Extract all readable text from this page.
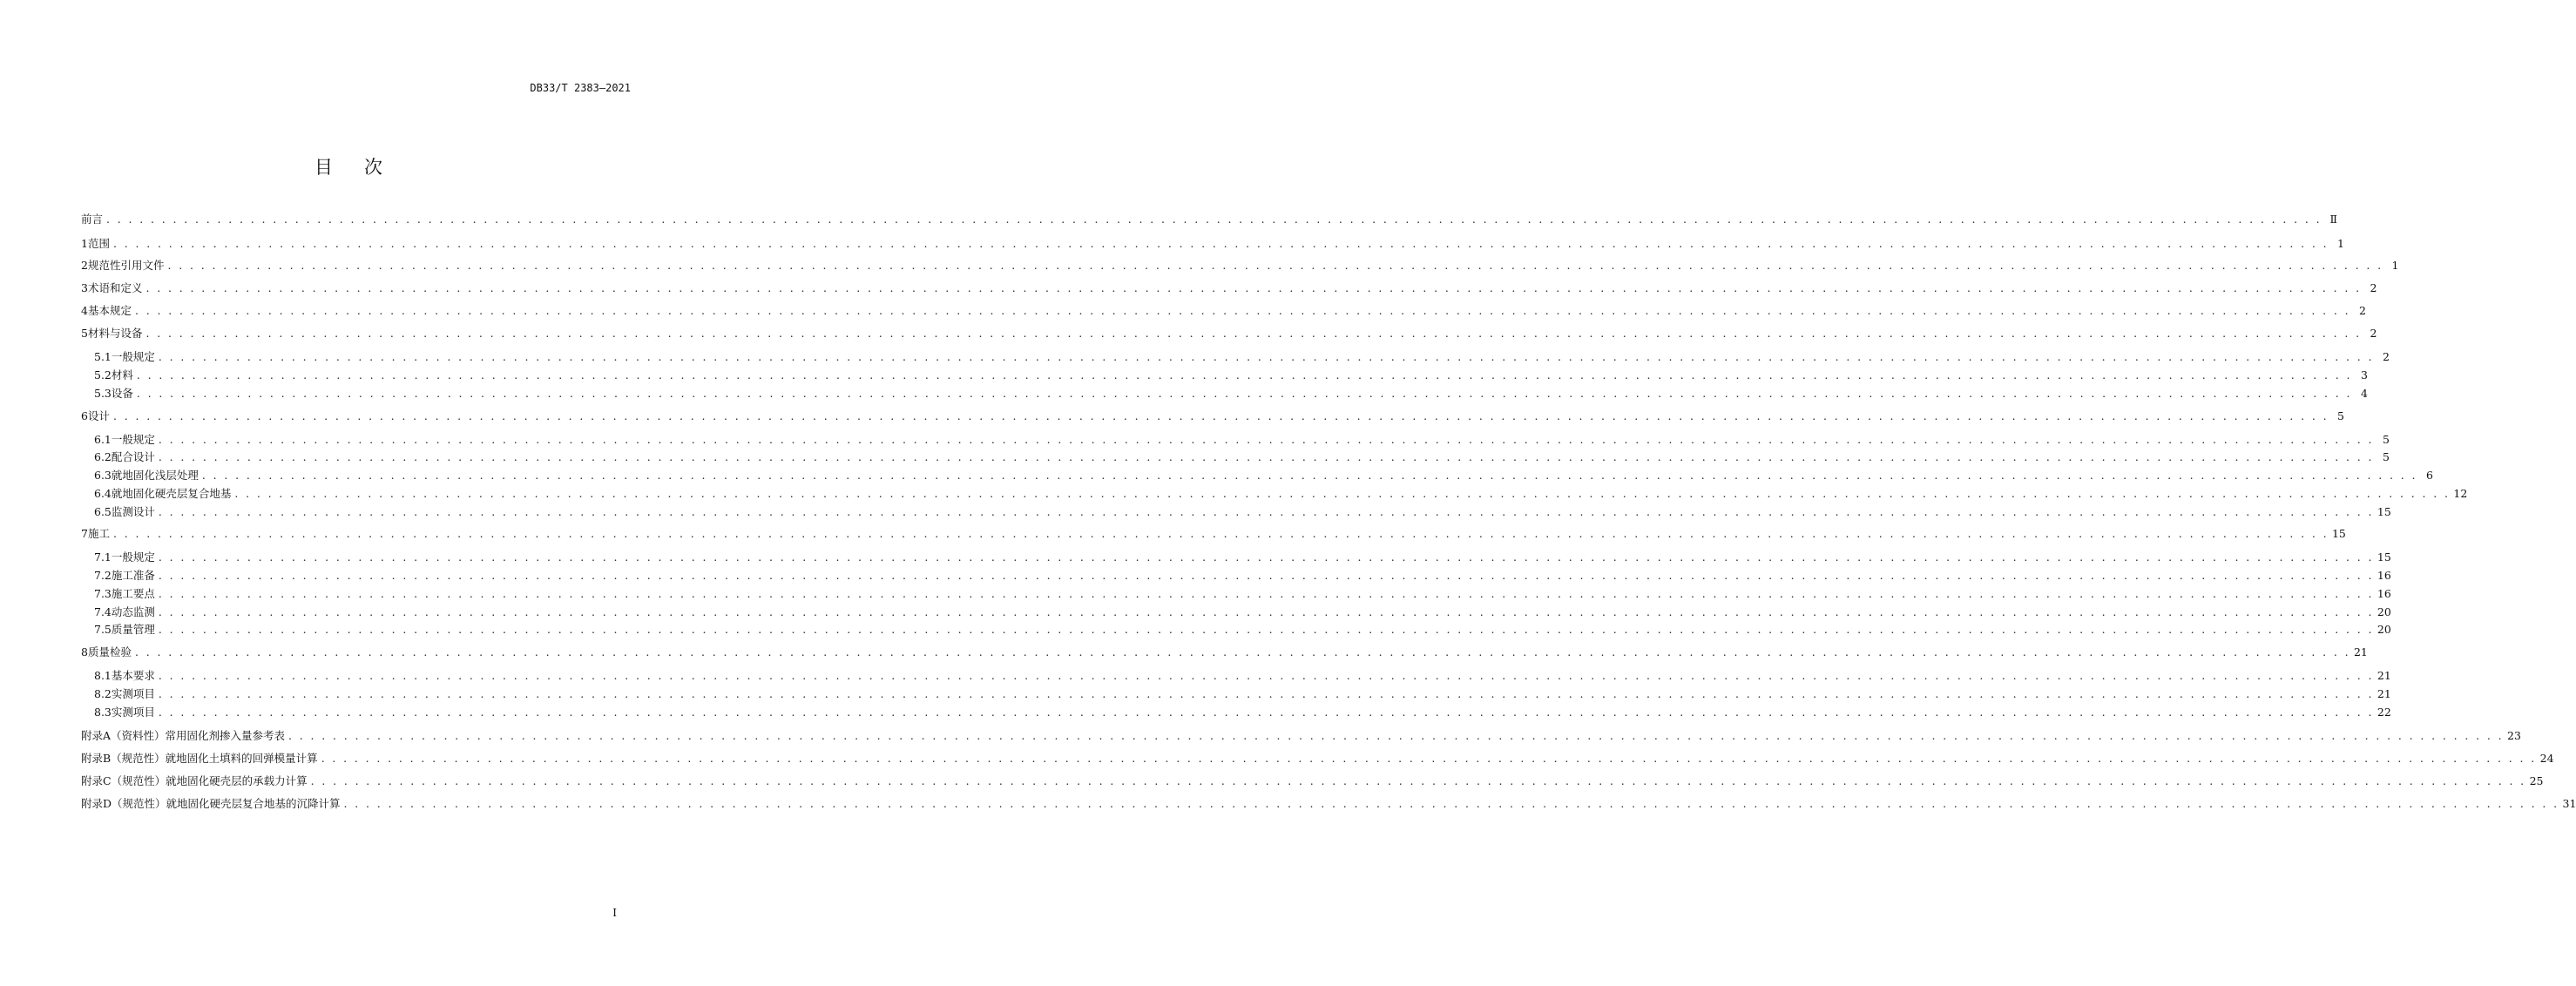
DB33/T 2383—2021
目次
前言 . . . . . . . . . . . . . . . . . . . . . . . . . . . . . . . . . . . . . . . . . . . . . . . . . . . . . . . . . . . . . . . . . . . . . . . . . . . . . . . . . . . . . . . . . . . . . . . . . . . . . . . . . . . . . . . . . . . . . . . . . . . . . . . . . . . . . . . . . . . . . . . . . . . . . . . . . . . . . . . . . . . . . . . . . . . . . . . . . . . . . . . . . . . . . . . . . . . . . . . . Ⅱ
1 范围 . . . . . . . . . . . . . . . . . . . . . . . . . . . . . . . . . . . . . . . . . . . . . . . . . . . . . . . . . . . . . . . . . . . . . . . . . . . . . . . . . . . . . . . . . . . . . . . . . . . . . . . . . . . . . . . . . . . . . . . . . . . . . . . . . . . . . . . . . . . . . . . . . . . . . . . . . . . . . . . . . . . . . . . . . . . . . . . . . . . . . . . . . . . . . . . . . . . . . . . . 1
2 规范性引用文件 . . . . . . . . . . . . . . . . . . . . . . . . . . . . . . . . . . . . . . . . . . . . . . . . . . . . . . . . . . . . . . . . . . . . . . . . . . . . . . . . . . . . . . . . . . . . . . . . . . . . . . . . . . . . . . . . . . . . . . . . . . . . . . . . . . . . . . . . . . . . . . . . . . . . . . . . . . . . . . . . . . . . . . . . . . . . . . . . . . . . . . . . . . . . . . . . . . . . . . . . 1
3 术语和定义 . . . . . . . . . . . . . . . . . . . . . . . . . . . . . . . . . . . . . . . . . . . . . . . . . . . . . . . . . . . . . . . . . . . . . . . . . . . . . . . . . . . . . . . . . . . . . . . . . . . . . . . . . . . . . . . . . . . . . . . . . . . . . . . . . . . . . . . . . . . . . . . . . . . . . . . . . . . . . . . . . . . . . . . . . . . . . . . . . . . . . . . . . . . . . . . . . . . . . . . . 2
4 基本规定 . . . . . . . . . . . . . . . . . . . . . . . . . . . . . . . . . . . . . . . . . . . . . . . . . . . . . . . . . . . . . . . . . . . . . . . . . . . . . . . . . . . . . . . . . . . . . . . . . . . . . . . . . . . . . . . . . . . . . . . . . . . . . . . . . . . . . . . . . . . . . . . . . . . . . . . . . . . . . . . . . . . . . . . . . . . . . . . . . . . . . . . . . . . . . . . . . . . . . . . . 2
5 材料与设备 . . . . . . . . . . . . . . . . . . . . . . . . . . . . . . . . . . . . . . . . . . . . . . . . . . . . . . . . . . . . . . . . . . . . . . . . . . . . . . . . . . . . . . . . . . . . . . . . . . . . . . . . . . . . . . . . . . . . . . . . . . . . . . . . . . . . . . . . . . . . . . . . . . . . . . . . . . . . . . . . . . . . . . . . . . . . . . . . . . . . . . . . . . . . . . . . . . . . . . . . 2
5.1 一般规定 . . . . . . . . . . . . . . . . . . . . . . . . . . . . . . . . . . . . . . . . . . . . . . . . . . . . . . . . . . . . . . . . . . . . . . . . . . . . . . . . . . . . . . . . . . . . . . . . . . . . . . . . . . . . . . . . . . . . . . . . . . . . . . . . . . . . . . . . . . . . . . . . . . . . . . . . . . . . . . . . . . . . . . . . . . . . . . . . . . . . . . . . . . . . . . . . . . . . . . . . 2
5.2 材料 . . . . . . . . . . . . . . . . . . . . . . . . . . . . . . . . . . . . . . . . . . . . . . . . . . . . . . . . . . . . . . . . . . . . . . . . . . . . . . . . . . . . . . . . . . . . . . . . . . . . . . . . . . . . . . . . . . . . . . . . . . . . . . . . . . . . . . . . . . . . . . . . . . . . . . . . . . . . . . . . . . . . . . . . . . . . . . . . . . . . . . . . . . . . . . . . . . . . . . . . 3
5.3 设备 . . . . . . . . . . . . . . . . . . . . . . . . . . . . . . . . . . . . . . . . . . . . . . . . . . . . . . . . . . . . . . . . . . . . . . . . . . . . . . . . . . . . . . . . . . . . . . . . . . . . . . . . . . . . . . . . . . . . . . . . . . . . . . . . . . . . . . . . . . . . . . . . . . . . . . . . . . . . . . . . . . . . . . . . . . . . . . . . . . . . . . . . . . . . . . . . . . . . . . . . 4
6 设计 . . . . . . . . . . . . . . . . . . . . . . . . . . . . . . . . . . . . . . . . . . . . . . . . . . . . . . . . . . . . . . . . . . . . . . . . . . . . . . . . . . . . . . . . . . . . . . . . . . . . . . . . . . . . . . . . . . . . . . . . . . . . . . . . . . . . . . . . . . . . . . . . . . . . . . . . . . . . . . . . . . . . . . . . . . . . . . . . . . . . . . . . . . . . . . . . . . . . . . . . 5
6.1 一般规定 . . . . . . . . . . . . . . . . . . . . . . . . . . . . . . . . . . . . . . . . . . . . . . . . . . . . . . . . . . . . . . . . . . . . . . . . . . . . . . . . . . . . . . . . . . . . . . . . . . . . . . . . . . . . . . . . . . . . . . . . . . . . . . . . . . . . . . . . . . . . . . . . . . . . . . . . . . . . . . . . . . . . . . . . . . . . . . . . . . . . . . . . . . . . . . . . . . . . . . . . 5
6.2 配合设计 . . . . . . . . . . . . . . . . . . . . . . . . . . . . . . . . . . . . . . . . . . . . . . . . . . . . . . . . . . . . . . . . . . . . . . . . . . . . . . . . . . . . . . . . . . . . . . . . . . . . . . . . . . . . . . . . . . . . . . . . . . . . . . . . . . . . . . . . . . . . . . . . . . . . . . . . . . . . . . . . . . . . . . . . . . . . . . . . . . . . . . . . . . . . . . . . . . . . . . . . 5
6.3 就地固化浅层处理 . . . . . . . . . . . . . . . . . . . . . . . . . . . . . . . . . . . . . . . . . . . . . . . . . . . . . . . . . . . . . . . . . . . . . . . . . . . . . . . . . . . . . . . . . . . . . . . . . . . . . . . . . . . . . . . . . . . . . . . . . . . . . . . . . . . . . . . . . . . . . . . . . . . . . . . . . . . . . . . . . . . . . . . . . . . . . . . . . . . . . . . . . . . . . . . . . . . . . . . . 6
6.4 就地固化硬壳层复合地基 . . . . . . . . . . . . . . . . . . . . . . . . . . . . . . . . . . . . . . . . . . . . . . . . . . . . . . . . . . . . . . . . . . . . . . . . . . . . . . . . . . . . . . . . . . . . . . . . . . . . . . . . . . . . . . . . . . . . . . . . . . . . . . . . . . . . . . . . . . . . . . . . . . . . . . . . . . . . . . . . . . . . . . . . . . . . . . . . . . . . . . . . . . . . . . . . . . . . . . . . 12
6.5 监测设计 . . . . . . . . . . . . . . . . . . . . . . . . . . . . . . . . . . . . . . . . . . . . . . . . . . . . . . . . . . . . . . . . . . . . . . . . . . . . . . . . . . . . . . . . . . . . . . . . . . . . . . . . . . . . . . . . . . . . . . . . . . . . . . . . . . . . . . . . . . . . . . . . . . . . . . . . . . . . . . . . . . . . . . . . . . . . . . . . . . . . . . . . . . . . . . . . . . . . . . . . 15
7 施工 . . . . . . . . . . . . . . . . . . . . . . . . . . . . . . . . . . . . . . . . . . . . . . . . . . . . . . . . . . . . . . . . . . . . . . . . . . . . . . . . . . . . . . . . . . . . . . . . . . . . . . . . . . . . . . . . . . . . . . . . . . . . . . . . . . . . . . . . . . . . . . . . . . . . . . . . . . . . . . . . . . . . . . . . . . . . . . . . . . . . . . . . . . . . . . . . . . . . . . . . 15
7.1 一般规定 . . . . . . . . . . . . . . . . . . . . . . . . . . . . . . . . . . . . . . . . . . . . . . . . . . . . . . . . . . . . . . . . . . . . . . . . . . . . . . . . . . . . . . . . . . . . . . . . . . . . . . . . . . . . . . . . . . . . . . . . . . . . . . . . . . . . . . . . . . . . . . . . . . . . . . . . . . . . . . . . . . . . . . . . . . . . . . . . . . . . . . . . . . . . . . . . . . . . . . . . 15
7.2 施工准备 . . . . . . . . . . . . . . . . . . . . . . . . . . . . . . . . . . . . . . . . . . . . . . . . . . . . . . . . . . . . . . . . . . . . . . . . . . . . . . . . . . . . . . . . . . . . . . . . . . . . . . . . . . . . . . . . . . . . . . . . . . . . . . . . . . . . . . . . . . . . . . . . . . . . . . . . . . . . . . . . . . . . . . . . . . . . . . . . . . . . . . . . . . . . . . . . . . . . . . . . 16
7.3 施工要点 . . . . . . . . . . . . . . . . . . . . . . . . . . . . . . . . . . . . . . . . . . . . . . . . . . . . . . . . . . . . . . . . . . . . . . . . . . . . . . . . . . . . . . . . . . . . . . . . . . . . . . . . . . . . . . . . . . . . . . . . . . . . . . . . . . . . . . . . . . . . . . . . . . . . . . . . . . . . . . . . . . . . . . . . . . . . . . . . . . . . . . . . . . . . . . . . . . . . . . . . 16
7.4 动态监测 . . . . . . . . . . . . . . . . . . . . . . . . . . . . . . . . . . . . . . . . . . . . . . . . . . . . . . . . . . . . . . . . . . . . . . . . . . . . . . . . . . . . . . . . . . . . . . . . . . . . . . . . . . . . . . . . . . . . . . . . . . . . . . . . . . . . . . . . . . . . . . . . . . . . . . . . . . . . . . . . . . . . . . . . . . . . . . . . . . . . . . . . . . . . . . . . . . . . . . . . 20
7.5 质量管理 . . . . . . . . . . . . . . . . . . . . . . . . . . . . . . . . . . . . . . . . . . . . . . . . . . . . . . . . . . . . . . . . . . . . . . . . . . . . . . . . . . . . . . . . . . . . . . . . . . . . . . . . . . . . . . . . . . . . . . . . . . . . . . . . . . . . . . . . . . . . . . . . . . . . . . . . . . . . . . . . . . . . . . . . . . . . . . . . . . . . . . . . . . . . . . . . . . . . . . . . 20
8 质量检验 . . . . . . . . . . . . . . . . . . . . . . . . . . . . . . . . . . . . . . . . . . . . . . . . . . . . . . . . . . . . . . . . . . . . . . . . . . . . . . . . . . . . . . . . . . . . . . . . . . . . . . . . . . . . . . . . . . . . . . . . . . . . . . . . . . . . . . . . . . . . . . . . . . . . . . . . . . . . . . . . . . . . . . . . . . . . . . . . . . . . . . . . . . . . . . . . . . . . . . . . 21
8.1 基本要求 . . . . . . . . . . . . . . . . . . . . . . . . . . . . . . . . . . . . . . . . . . . . . . . . . . . . . . . . . . . . . . . . . . . . . . . . . . . . . . . . . . . . . . . . . . . . . . . . . . . . . . . . . . . . . . . . . . . . . . . . . . . . . . . . . . . . . . . . . . . . . . . . . . . . . . . . . . . . . . . . . . . . . . . . . . . . . . . . . . . . . . . . . . . . . . . . . . . . . . . . 21
8.2 实测项目 . . . . . . . . . . . . . . . . . . . . . . . . . . . . . . . . . . . . . . . . . . . . . . . . . . . . . . . . . . . . . . . . . . . . . . . . . . . . . . . . . . . . . . . . . . . . . . . . . . . . . . . . . . . . . . . . . . . . . . . . . . . . . . . . . . . . . . . . . . . . . . . . . . . . . . . . . . . . . . . . . . . . . . . . . . . . . . . . . . . . . . . . . . . . . . . . . . . . . . . . 21
8.3 实测项目 . . . . . . . . . . . . . . . . . . . . . . . . . . . . . . . . . . . . . . . . . . . . . . . . . . . . . . . . . . . . . . . . . . . . . . . . . . . . . . . . . . . . . . . . . . . . . . . . . . . . . . . . . . . . . . . . . . . . . . . . . . . . . . . . . . . . . . . . . . . . . . . . . . . . . . . . . . . . . . . . . . . . . . . . . . . . . . . . . . . . . . . . . . . . . . . . . . . . . . . . 22
附录A（资料性）常用固化剂掺入量参考表 . . . . . . . . . . . . . . . . . . . . . . . . . . . . . . . . . . . . . . . . . . . . . . . . . . . . . . . . . . . . . . . . . . . . . . . . . . . . . . . . . . . . . . . . . . . . . . . . . . . . . . . . . . . . . . . . . . . . . . . . . . . . . . . . . . . . . . . . . . . . . . . . . . . . . . . . . . . . . . . . . . . . . . . . . . . . . . . . . . . . . . . . . . . . . . . . . . . . . . . . 23
附录B（规范性）就地固化土填料的回弹模量计算 . . . . . . . . . . . . . . . . . . . . . . . . . . . . . . . . . . . . . . . . . . . . . . . . . . . . . . . . . . . . . . . . . . . . . . . . . . . . . . . . . . . . . . . . . . . . . . . . . . . . . . . . . . . . . . . . . . . . . . . . . . . . . . . . . . . . . . . . . . . . . . . . . . . . . . . . . . . . . . . . . . . . . . . . . . . . . . . . . . . . . . . . . . . . . . . . . . . . . . . . 24
附录C（规范性）就地固化硬壳层的承载力计算 . . . . . . . . . . . . . . . . . . . . . . . . . . . . . . . . . . . . . . . . . . . . . . . . . . . . . . . . . . . . . . . . . . . . . . . . . . . . . . . . . . . . . . . . . . . . . . . . . . . . . . . . . . . . . . . . . . . . . . . . . . . . . . . . . . . . . . . . . . . . . . . . . . . . . . . . . . . . . . . . . . . . . . . . . . . . . . . . . . . . . . . . . . . . . . . . . . . . . . . . 25
附录D（规范性）就地固化硬壳层复合地基的沉降计算 . . . . . . . . . . . . . . . . . . . . . . . . . . . . . . . . . . . . . . . . . . . . . . . . . . . . . . . . . . . . . . . . . . . . . . . . . . . . . . . . . . . . . . . . . . . . . . . . . . . . . . . . . . . . . . . . . . . . . . . . . . . . . . . . . . . . . . . . . . . . . . . . . . . . . . . . . . . . . . . . . . . . . . . . . . . . . . . . . . . . . . . . . . . . . . . . . . . . . . . . 31
I
